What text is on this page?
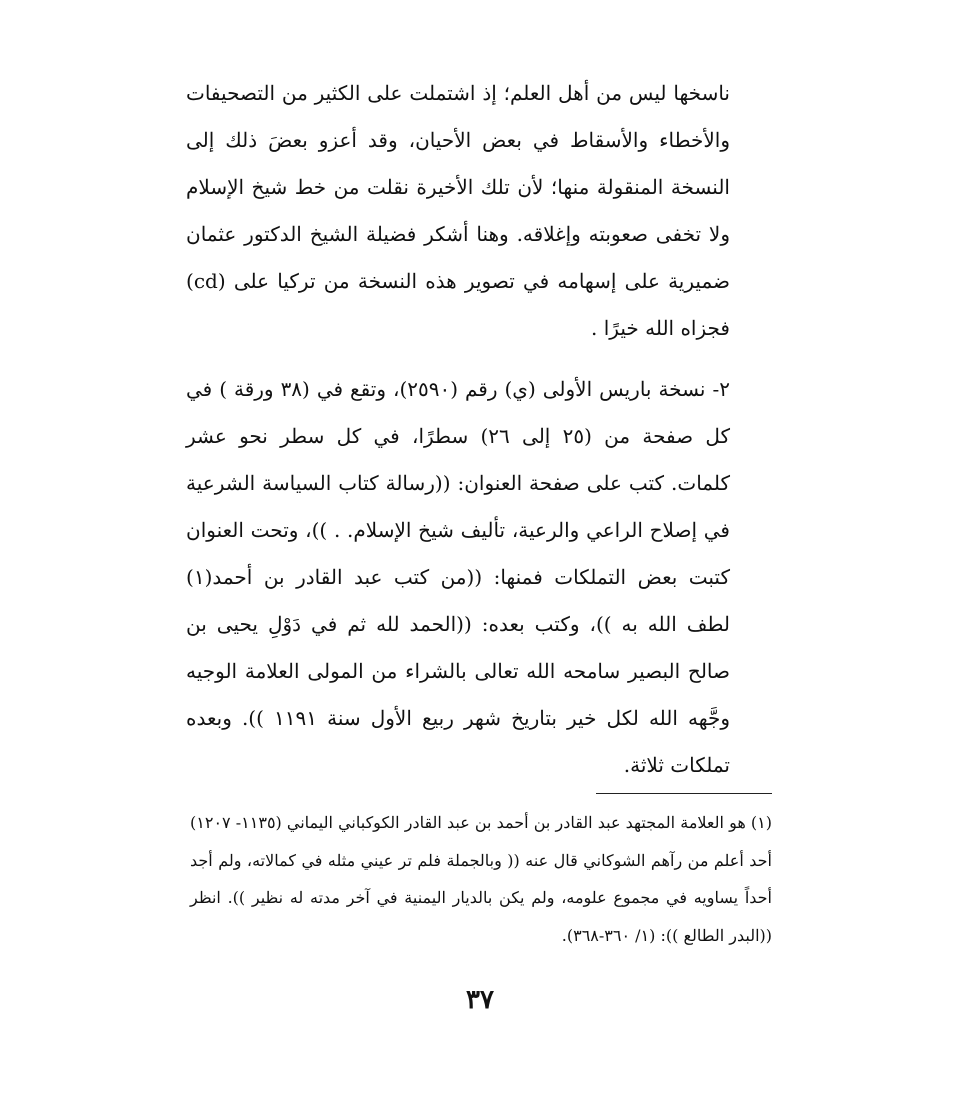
ناسخها ليس من أهل العلم؛ إذ اشتملت على الكثير من التصحيفات والأخطاء والأسقاط في بعض الأحيان، وقد أعزو بعضَ ذلك إلى النسخة المنقولة منها؛ لأن تلك الأخيرة نقلت من خط شيخ الإسلام ولا تخفى صعوبته وإغلاقه. وهنا أشكر فضيلة الشيخ الدكتور عثمان ضميرية على إسهامه في تصوير هذه النسخة من تركيا على (cd) فجزاه الله خيرًا .

٢- نسخة باريس الأولى (ي) رقم (٢٥٩٠)، وتقع في (٣٨ ورقة ) في كل صفحة من (٢٥ إلى ٢٦) سطرًا، في كل سطر نحو عشر كلمات. كتب على صفحة العنوان: ((رسالة كتاب السياسة الشرعية في إصلاح الراعي والرعية، تأليف شيخ الإسلام. . ))، وتحت العنوان كتبت بعض التملكات فمنها: ((من كتب عبد القادر بن أحمد(١) لطف الله به ))، وكتب بعده: ((الحمد لله ثم في دَوْلِ يحيى بن صالح البصير سامحه الله تعالى بالشراء من المولى العلامة الوجيه وجَّهه الله لكل خير بتاريخ شهر ربيع الأول سنة ١١٩١ )). وبعده تملكات ثلاثة.

(١) هو العلامة المجتهد عبد القادر بن أحمد بن عبد القادر الكوكباني اليماني (١١٣٥- ١٢٠٧) أحد أعلم من رآهم الشوكاني قال عنه (( وبالجملة فلم تر عيني مثله في كمالاته، ولم أجد أحداً يساويه في مجموع علومه، ولم يكن بالديار اليمنية في آخر مدته له نظير )). انظر ((البدر الطالع )): (١/ ٣٦٠-٣٦٨).

٣٧
